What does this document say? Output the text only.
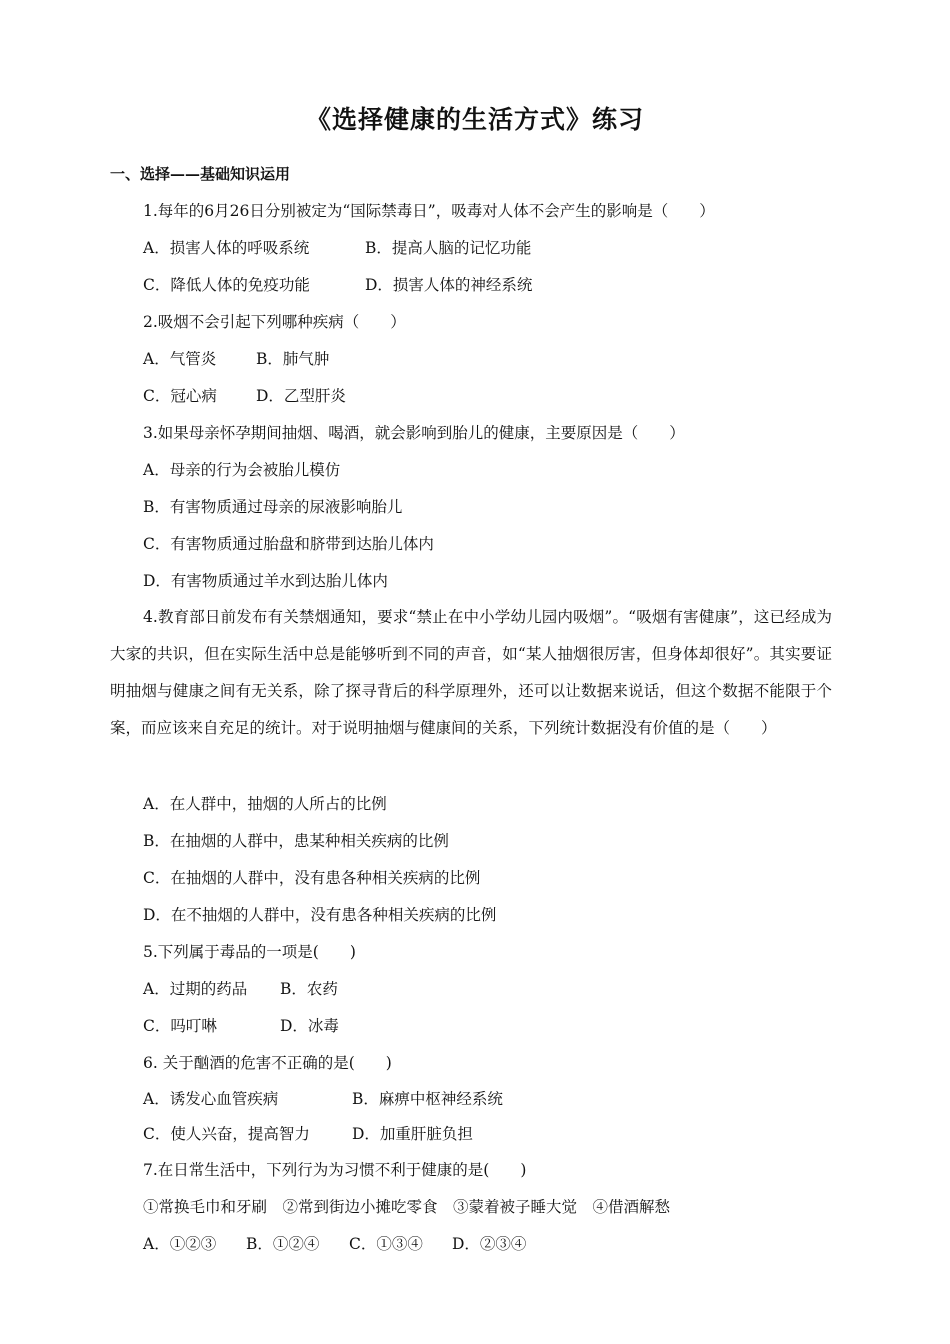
《选择健康的生活方式》练习
一、选择——基础知识运用
1.每年的6月26日分别被定为“国际禁毒日”，吸毒对人体不会产生的影响是（　　）
A．损害人体的呼吸系统	B．提高人脑的记忆功能
C．降低人体的免疫功能	D．损害人体的神经系统
2.吸烟不会引起下列哪种疾病（　　）
A．气管炎	B．肺气肿
C．冠心病	D．乙型肝炎
3.如果母亲怀孕期间抽烟、喝酒，就会影响到胎儿的健康，主要原因是（　　）
A．母亲的行为会被胎儿模仿
B．有害物质通过母亲的尿液影响胎儿
C．有害物质通过胎盘和脐带到达胎儿体内
D．有害物质通过羊水到达胎儿体内
4.教育部日前发布有关禁烟通知，要求“禁止在中小学幼儿园内吸烟”。“吸烟有害健康”，这已经成为大家的共识，但在实际生活中总是能够听到不同的声音，如“某人抽烟很厉害，但身体却很好”。其实要证明抽烟与健康之间有无关系，除了探寻背后的科学原理外，还可以让数据来说话，但这个数据不能限于个案，而应该来自充足的统计。对于说明抽烟与健康间的关系，下列统计数据没有价值的是（　　）
A．在人群中，抽烟的人所占的比例
B．在抽烟的人群中，患某种相关疾病的比例
C．在抽烟的人群中，没有患各种相关疾病的比例
D．在不抽烟的人群中，没有患各种相关疾病的比例
5.下列属于毒品的一项是(　　)
A．过期的药品 B．农药
C．吗叮啉	D．冰毒
6. 关于酗酒的危害不正确的是(　　)
A．诱发心血管疾病	B．麻痹中枢神经系统
C．使人兴奋，提高智力	D．加重肝脏负担
7.在日常生活中，下列行为为习惯不利于健康的是(　　)
①常换毛巾和牙刷　②常到街边小摊吃零食　③蒙着被子睡大觉　④借酒解愁
A．①②③ B．①②④ C．①③④ D．②③④
